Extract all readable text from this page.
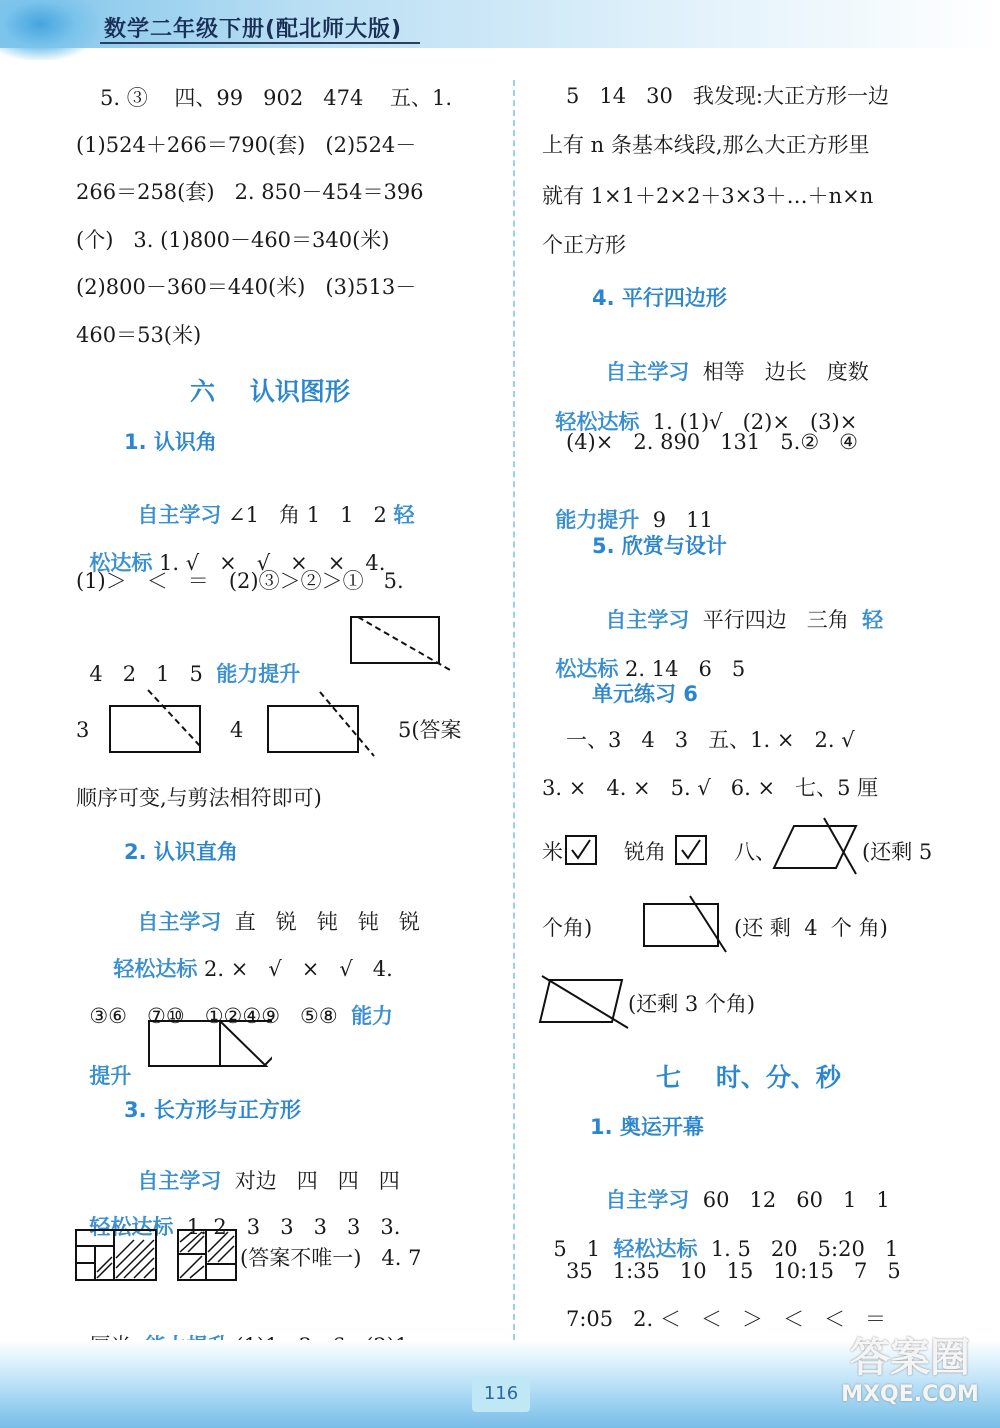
数学二年级下册(配北师大版)
5. ③    四、99   902   474    五、1.
(1)524＋266＝790(套)   (2)524－
266＝258(套)   2. 850－454＝396
(个)   3. (1)800－460＝340(米)
(2)800－360＝440(米)   (3)513－
460＝53(米)
六    认识图形
1. 认识角

自主学习 ∠1   角 1   1   2 轻

松达标 1. √   ×   √   ×   ×   4.

(1)＞   ＜   ＝   (2)③＞②＞①   5.

4   2   1   5  能力提升

3	4	5(答案
顺序可变,与剪法相符即可)
2. 认识直角

自主学习  直   锐   钝   钝   锐

轻松达标 2. ×   √   ×   √   4.

③⑥   ⑦⑩   ①②④⑨   ⑤⑧  能力

提升

3. 长方形与正方形

自主学习  对边   四   四   四

轻松达标  1. 2   3   3   3   3   3.

(答案不唯一)   4. 7

5   14   30   我发现:大正方形一边
上有 n 条基本线段,那么大正方形里
就有 1×1＋2×2＋3×3＋…＋n×n
个正方形
4. 平行四边形

自主学习  相等   边长   度数

轻松达标  1. (1)√   (2)×   (3)×

(4)×   2. 890   131   5.②   ④

能力提升  9   11

5. 欣赏与设计

自主学习  平行四边   三角  轻

松达标 2. 14   6   5

单元练习 6
一、3   4   3   五、1. ×   2. √
3. ×   4. ×   5. √   6. ×   七、5 厘
米	锐角	八、	(还剩 5
个角)	(还 剩  4  个 角)
(还剩 3 个角)
七    时、分、秒
1. 奥运开幕

自主学习  60   12   60   1   1

5   1  轻松达标  1. 5   20   5:20   1

35   1:35   10   15   10:15   7   5
7:05   2. ＜   ＜   ＞   ＜   ＜   ＝
116
答案圈
MXQE.COM
